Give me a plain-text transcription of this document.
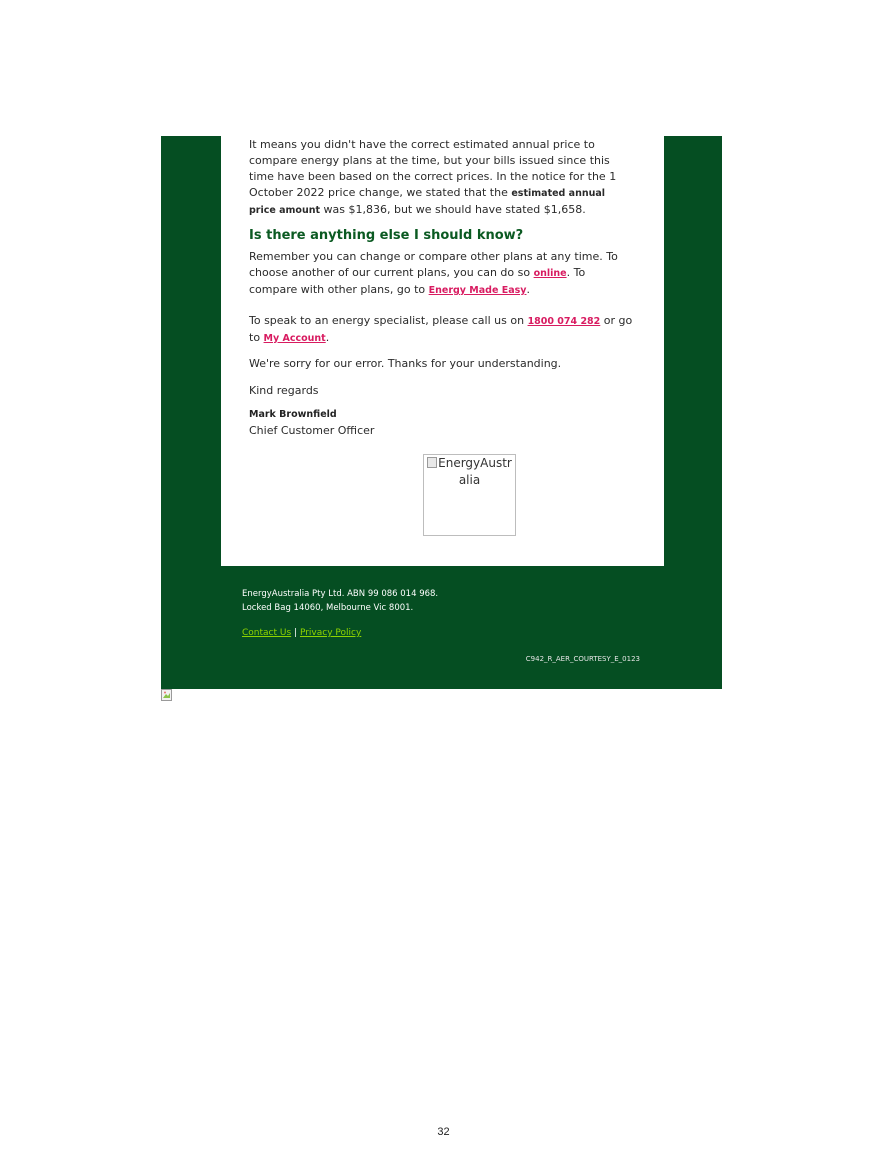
It means you didn't have the correct estimated annual price to compare energy plans at the time, but your bills issued since this time have been based on the correct prices. In the notice for the 1 October 2022 price change, we stated that the estimated annual price amount was $1,836, but we should have stated $1,658.

Is there anything else I should know?

Remember you can change or compare other plans at any time. To choose another of our current plans, you can do so online. To compare with other plans, go to Energy Made Easy.

To speak to an energy specialist, please call us on 1800 074 282 or go to My Account.

We're sorry for our error. Thanks for your understanding.

Kind regards

Mark Brownfield

Chief Customer Officer

EnergyAustralia

EnergyAustralia Pty Ltd. ABN 99 086 014 968.

Locked Bag 14060, Melbourne Vic 8001.

Contact Us | Privacy Policy
C942_R_AER_COURTESY_E_0123
32
